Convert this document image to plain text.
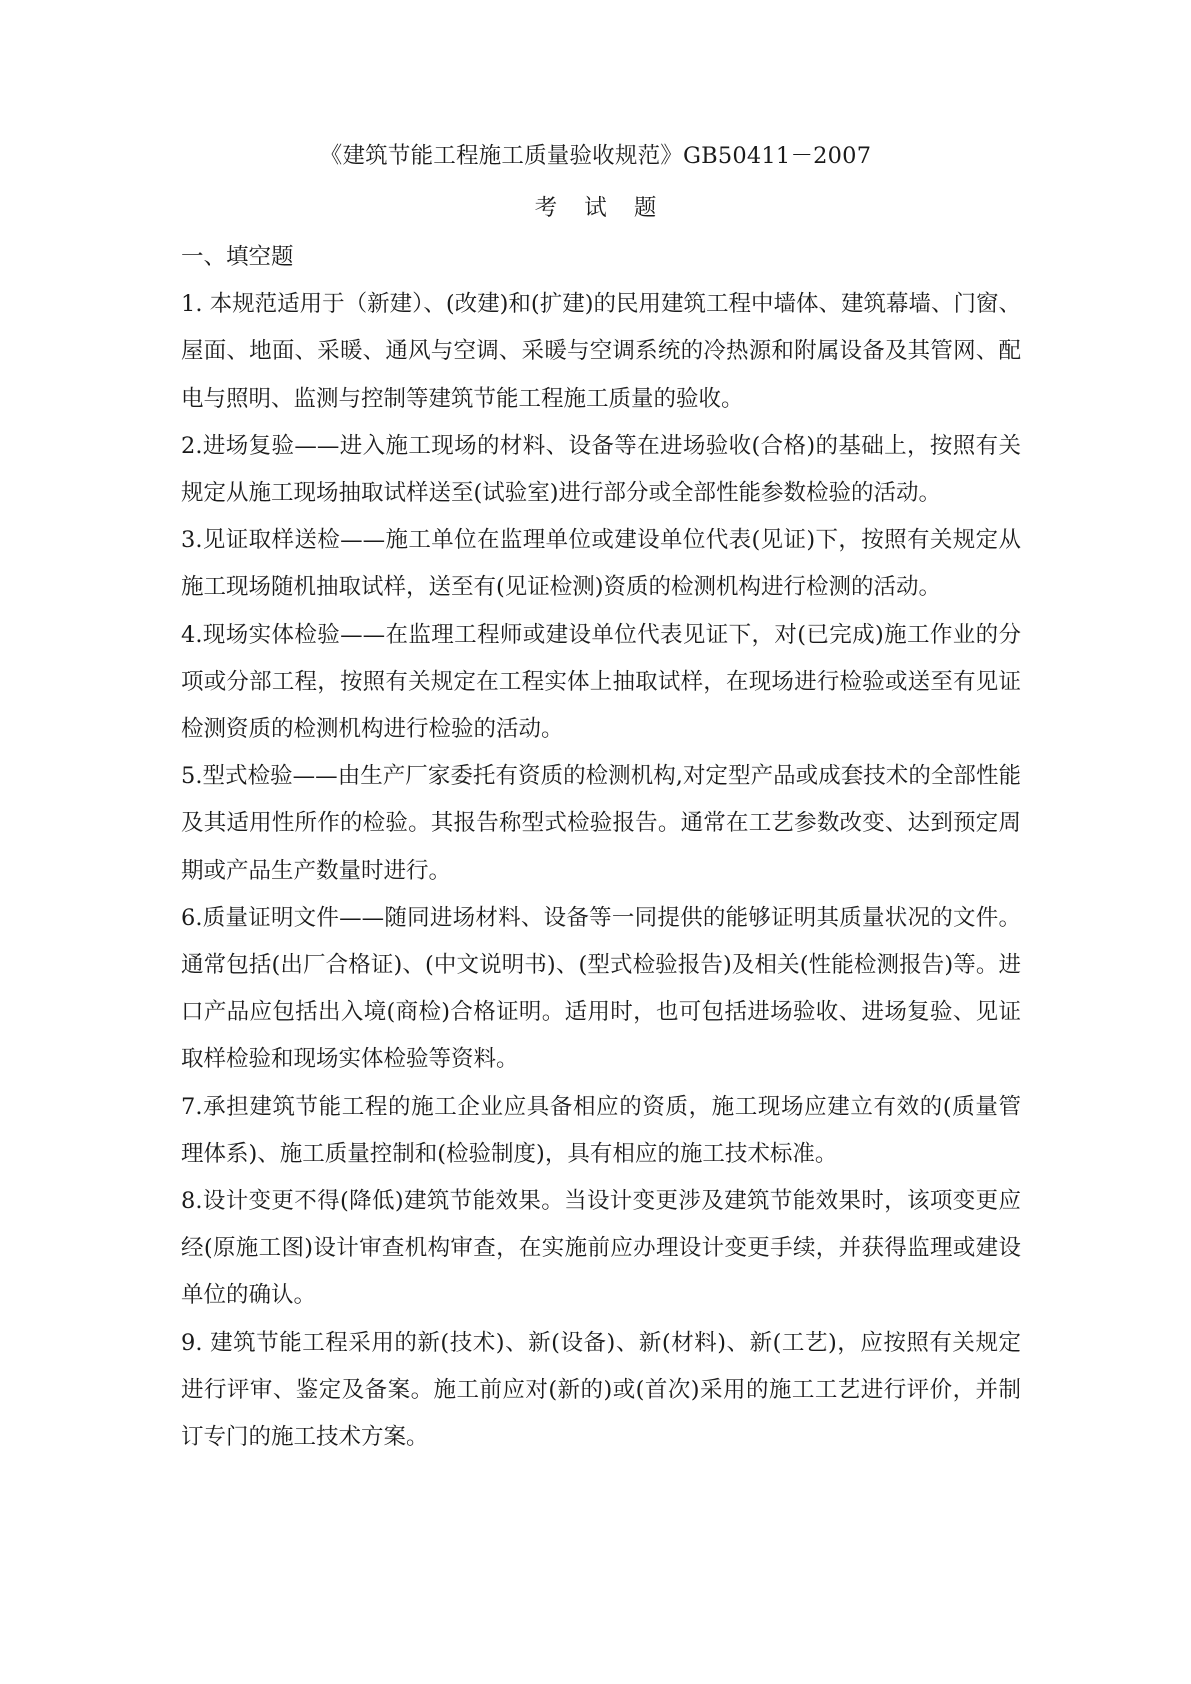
《建筑节能工程施工质量验收规范》GB50411－2007
考 试 题

一、填空题

1. 本规范适用于（新建）、(改建)和(扩建)的民用建筑工程中墙体、建筑幕墙、门窗、屋面、地面、采暖、通风与空调、采暖与空调系统的冷热源和附属设备及其管网、配电与照明、监测与控制等建筑节能工程施工质量的验收。

2.进场复验——进入施工现场的材料、设备等在进场验收(合格)的基础上，按照有关规定从施工现场抽取试样送至(试验室)进行部分或全部性能参数检验的活动。

3.见证取样送检——施工单位在监理单位或建设单位代表(见证)下，按照有关规定从施工现场随机抽取试样，送至有(见证检测)资质的检测机构进行检测的活动。

4.现场实体检验——在监理工程师或建设单位代表见证下，对(已完成)施工作业的分项或分部工程，按照有关规定在工程实体上抽取试样，在现场进行检验或送至有见证检测资质的检测机构进行检验的活动。

5.型式检验——由生产厂家委托有资质的检测机构,对定型产品或成套技术的全部性能及其适用性所作的检验。其报告称型式检验报告。通常在工艺参数改变、达到预定周期或产品生产数量时进行。

6.质量证明文件——随同进场材料、设备等一同提供的能够证明其质量状况的文件。通常包括(出厂合格证)、(中文说明书)、(型式检验报告)及相关(性能检测报告)等。进口产品应包括出入境(商检)合格证明。适用时，也可包括进场验收、进场复验、见证取样检验和现场实体检验等资料。

7.承担建筑节能工程的施工企业应具备相应的资质，施工现场应建立有效的(质量管理体系)、施工质量控制和(检验制度)，具有相应的施工技术标准。

8.设计变更不得(降低)建筑节能效果。当设计变更涉及建筑节能效果时，该项变更应经(原施工图)设计审查机构审查，在实施前应办理设计变更手续，并获得监理或建设单位的确认。

9. 建筑节能工程采用的新(技术)、新(设备)、新(材料)、新(工艺)，应按照有关规定进行评审、鉴定及备案。施工前应对(新的)或(首次)采用的施工工艺进行评价，并制订专门的施工技术方案。
